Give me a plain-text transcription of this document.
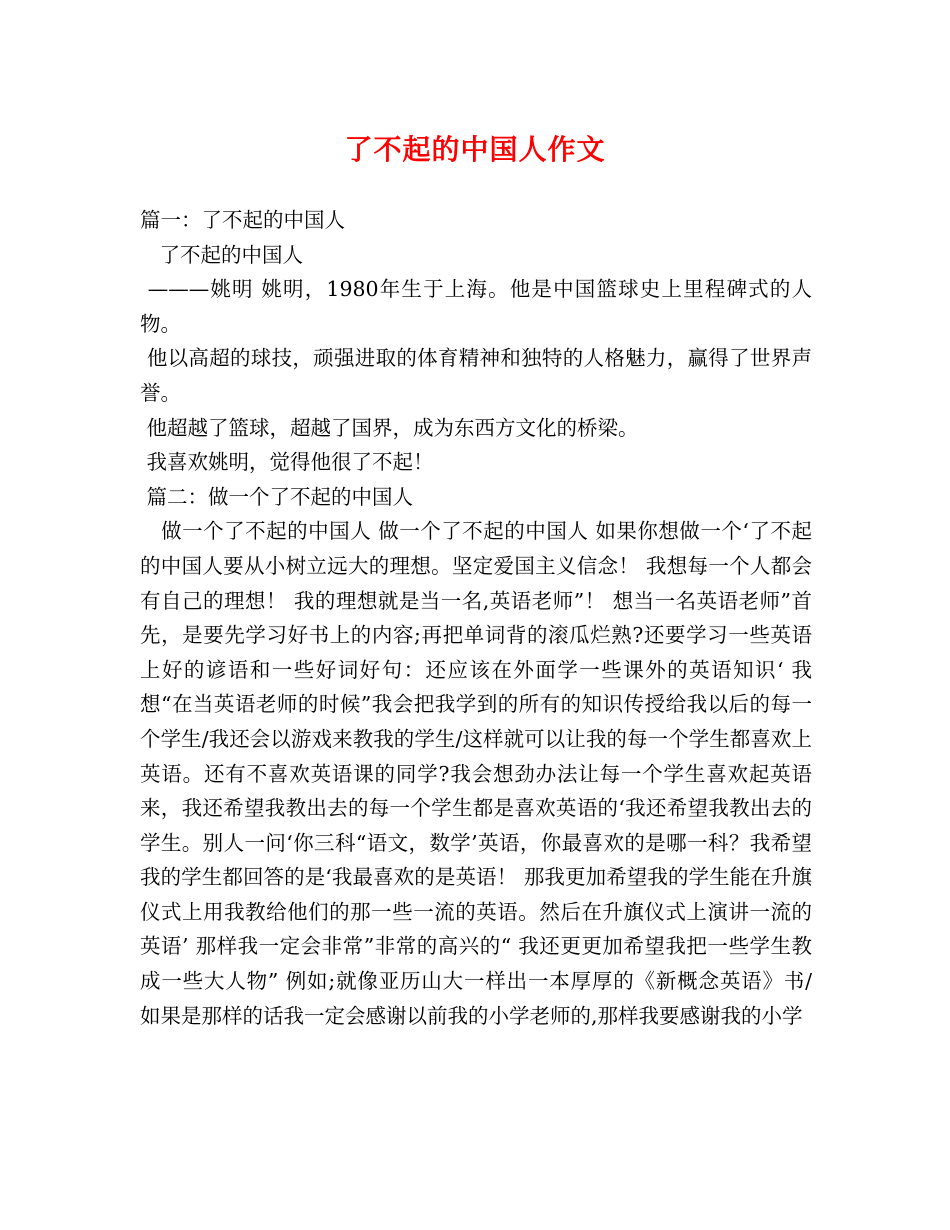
了不起的中国人作文

篇一：了不起的中国人

了不起的中国人

———姚明 姚明，1980年生于上海。他是中国篮球史上里程碑式的人物。

他以高超的球技，顽强进取的体育精神和独特的人格魅力，赢得了世界声誉。

他超越了篮球，超越了国界，成为东西方文化的桥梁。

我喜欢姚明，觉得他很了不起！

篇二：做一个了不起的中国人

做一个了不起的中国人 做一个了不起的中国人 如果你想做一个‘了不起的中国人要从小树立远大的理想。坚定爱国主义信念！ 我想每一个人都会有自己的理想！ 我的理想就是当一名,英语老师”！ 想当一名英语老师”首先，是要先学习好书上的内容;再把单词背的滚瓜烂熟?还要学习一些英语上好的谚语和一些好词好句：还应该在外面学一些课外的英语知识‘ 我想“在当英语老师的时候”我会把我学到的所有的知识传授给我以后的每一个学生/我还会以游戏来教我的学生/这样就可以让我的每一个学生都喜欢上英语。还有不喜欢英语课的同学?我会想劲办法让每一个学生喜欢起英语来，我还希望我教出去的每一个学生都是喜欢英语的‘我还希望我教出去的学生。别人一问‘你三科“语文，数学’英语，你最喜欢的是哪一科？我希望我的学生都回答的是‘我最喜欢的是英语！ 那我更加希望我的学生能在升旗仪式上用我教给他们的那一些一流的英语。然后在升旗仪式上演讲一流的英语’ 那样我一定会非常”非常的高兴的“ 我还更更加希望我把一些学生教成一些大人物” 例如;就像亚历山大一样出一本厚厚的《新概念英语》书/ 如果是那样的话我一定会感谢以前我的小学老师的,那样我要感谢我的小学
